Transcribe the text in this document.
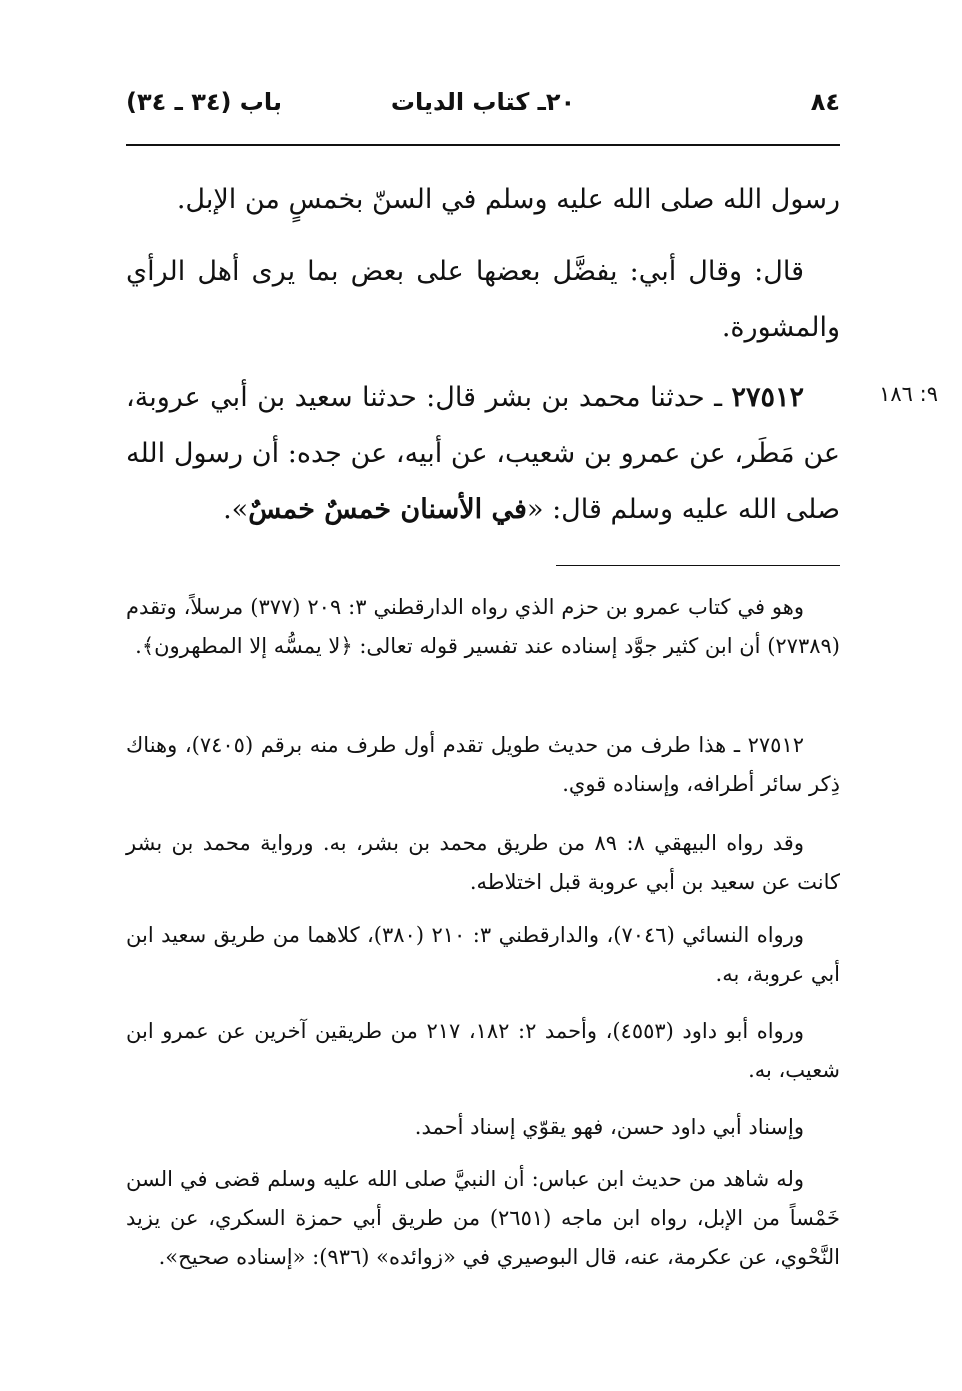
٨٤
٢٠ـ كتاب الديات
باب (٣٤ ـ ٣٤)
رسول الله صلى الله عليه وسلم في السنّ بخمسٍ من الإبل.
قال: وقال أبي: يفضَّل بعضها على بعض بما يرى أهل الرأي والمشورة.
٢٧٥١٢ ـ حدثنا محمد بن بشر قال: حدثنا سعيد بن أبي عروبة، عن مَطَر، عن عمرو بن شعيب، عن أبيه، عن جده: أن رسول الله صلى الله عليه وسلم قال: «في الأسنان خمسٌ خمسٌ».
٩: ١٨٦

وهو في كتاب عمرو بن حزم الذي رواه الدارقطني ٣: ٢٠٩ (٣٧٧) مرسلاً، وتقدم (٢٧٣٨٩) أن ابن كثير جوَّد إسناده عند تفسير قوله تعالى: ﴿لا يمسُّه إلا المطهرون﴾.

٢٧٥١٢ ـ هذا طرف من حديث طويل تقدم أول طرف منه برقم (٧٤٠٥)، وهناك ذِكر سائر أطرافه، وإسناده قوي.

وقد رواه البيهقي ٨: ٨٩ من طريق محمد بن بشر، به. ورواية محمد بن بشر كانت عن سعيد بن أبي عروبة قبل اختلاطه.

ورواه النسائي (٧٠٤٦)، والدارقطني ٣: ٢١٠ (٣٨٠)، كلاهما من طريق سعيد ابن أبي عروبة، به.

ورواه أبو داود (٤٥٥٣)، وأحمد ٢: ١٨٢، ٢١٧ من طريقين آخرين عن عمرو ابن شعيب، به.

وإسناد أبي داود حسن، فهو يقوّي إسناد أحمد.

وله شاهد من حديث ابن عباس: أن النبيَّ صلى الله عليه وسلم قضى في السن خَمْساً من الإبل، رواه ابن ماجه (٢٦٥١) من طريق أبي حمزة السكري، عن يزيد النَّحْوي، عن عكرمة، عنه، قال البوصيري في «زوائده» (٩٣٦): «إسناده صحيح».
